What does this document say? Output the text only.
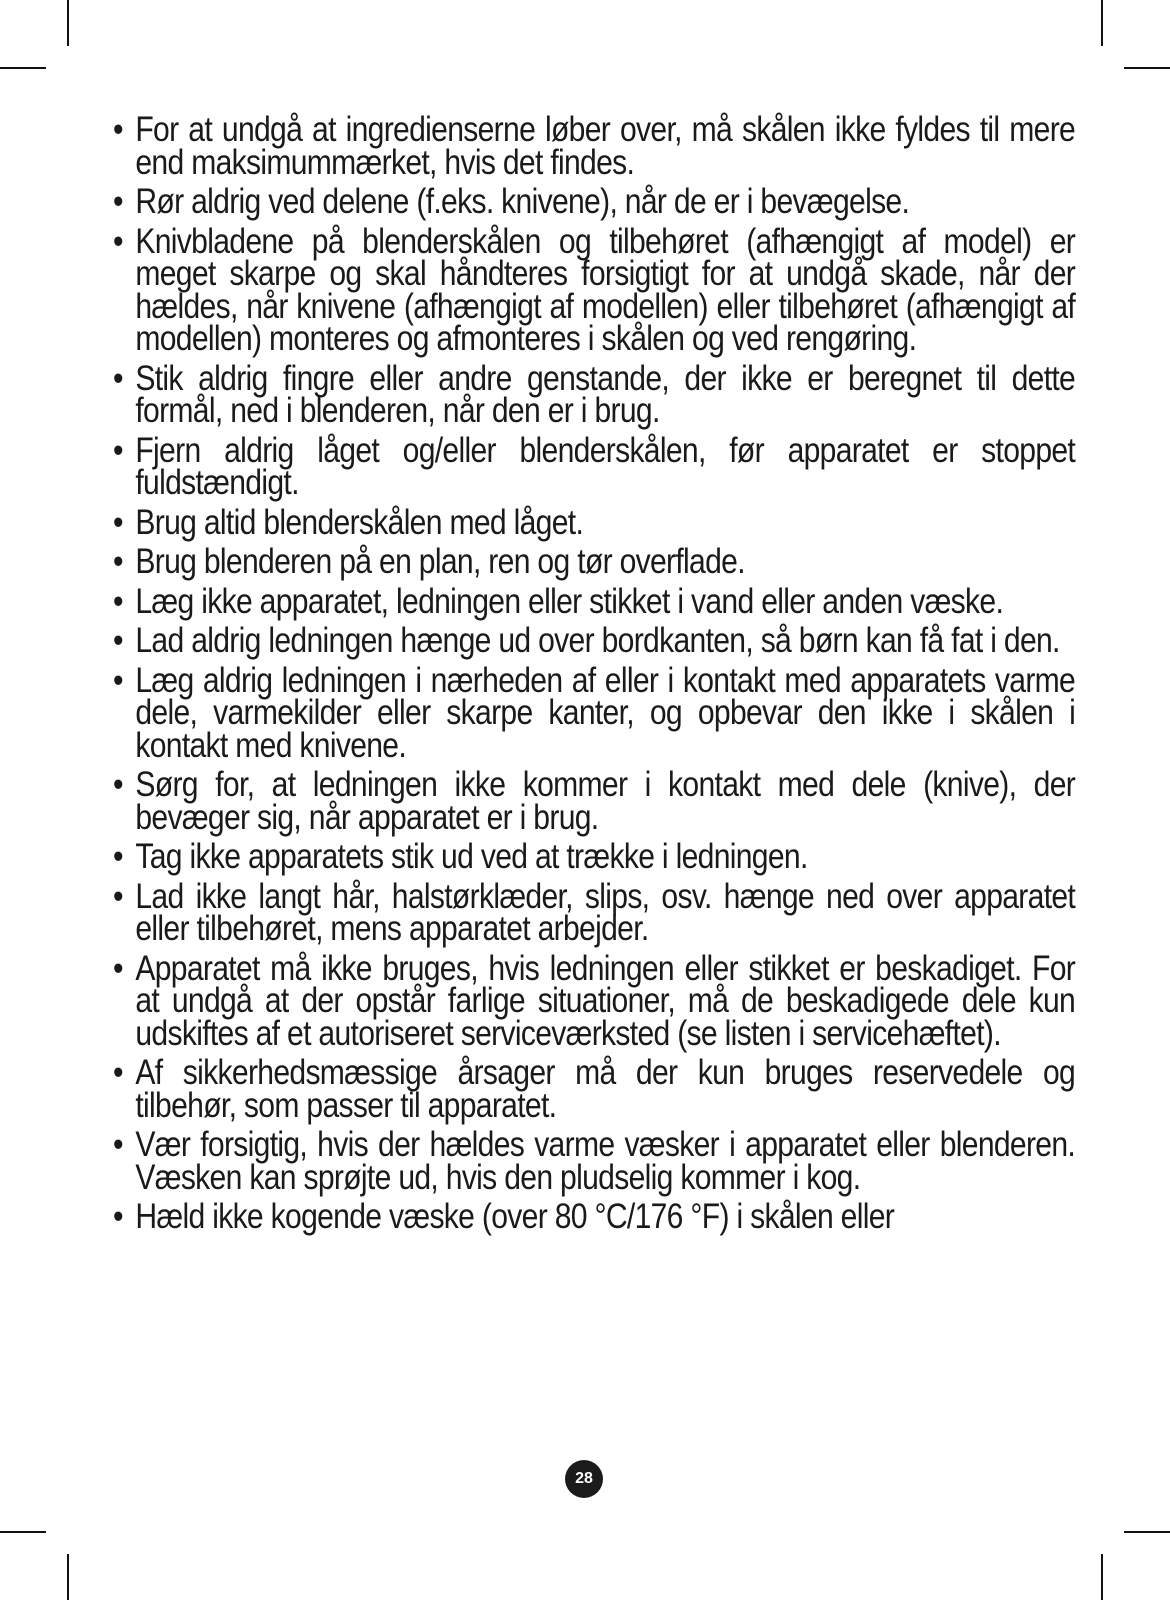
• For at undgå at ingredienserne løber over, må skålen ikke fyldes til mere end maksimummærket, hvis det findes.
• Rør aldrig ved delene (f.eks. knivene), når de er i bevægelse.
• Knivbladene på blenderskålen og tilbehøret (afhængigt af model) er meget skarpe og skal håndteres forsigtigt for at undgå skade, når der hældes, når knivene (afhængigt af modellen) eller tilbehøret (afhængigt af modellen) monteres og afmonteres i skålen og ved rengøring.
• Stik aldrig fingre eller andre genstande, der ikke er beregnet til dette formål, ned i blenderen, når den er i brug.
• Fjern aldrig låget og/eller blenderskålen, før apparatet er stoppet fuldstændigt.
• Brug altid blenderskålen med låget.
• Brug blenderen på en plan, ren og tør overflade.
• Læg ikke apparatet, ledningen eller stikket i vand eller anden væske.
• Lad aldrig ledningen hænge ud over bordkanten, så børn kan få fat i den.
• Læg aldrig ledningen i nærheden af eller i kontakt med apparatets varme dele, varmekilder eller skarpe kanter, og opbevar den ikke i skålen i kontakt med knivene.
• Sørg for, at ledningen ikke kommer i kontakt med dele (knive), der bevæger sig, når apparatet er i brug.
• Tag ikke apparatets stik ud ved at trække i ledningen.
• Lad ikke langt hår, halstørklæder, slips, osv. hænge ned over apparatet eller tilbehøret, mens apparatet arbejder.
• Apparatet må ikke bruges, hvis ledningen eller stikket er beskadiget. For at undgå at der opstår farlige situationer, må de beskadigede dele kun udskiftes af et autoriseret serviceværksted (se listen i servicehæftet).
• Af sikkerhedsmæssige årsager må der kun bruges reservedele og tilbehør, som passer til apparatet.
• Vær forsigtig, hvis der hældes varme væsker i apparatet eller blenderen. Væsken kan sprøjte ud, hvis den pludselig kommer i kog.
• Hæld ikke kogende væske (over 80 °C/176 °F) i skålen eller
28
